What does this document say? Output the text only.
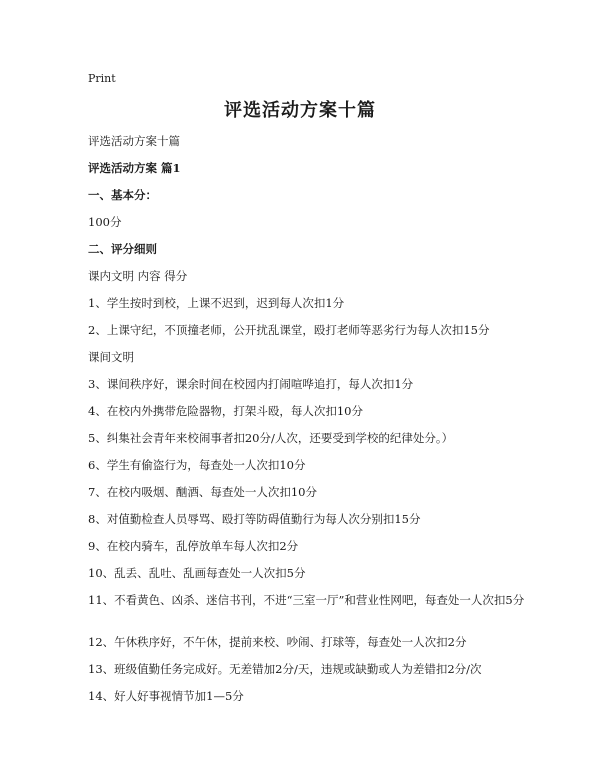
Print
评选活动方案十篇
评选活动方案十篇
评选活动方案 篇1
一、基本分：
100分
二、评分细则
课内文明 内容 得分
1、学生按时到校，上课不迟到，迟到每人次扣1分
2、上课守纪，不顶撞老师，公开扰乱课堂，殴打老师等恶劣行为每人次扣15分
课间文明
3、课间秩序好，课余时间在校园内打闹喧哗追打，每人次扣1分
4、在校内外携带危险器物，打架斗殴，每人次扣10分
5、纠集社会青年来校闹事者扣20分/人次，还要受到学校的纪律处分。）
6、学生有偷盗行为，每查处一人次扣10分
7、在校内吸烟、酗酒、每查处一人次扣10分
8、对值勤检查人员辱骂、殴打等防碍值勤行为每人次分别扣15分
9、在校内骑车，乱停放单车每人次扣2分
10、乱丢、乱吐、乱画每查处一人次扣5分
11、不看黄色、凶杀、迷信书刊，不进“三室一厅”和营业性网吧，每查处一人次扣5分
12、午休秩序好，不午休，提前来校、吵闹、打球等，每查处一人次扣2分
13、班级值勤任务完成好。无差错加2分/天，违规或缺勤或人为差错扣2分/次
14、好人好事视情节加1—5分
